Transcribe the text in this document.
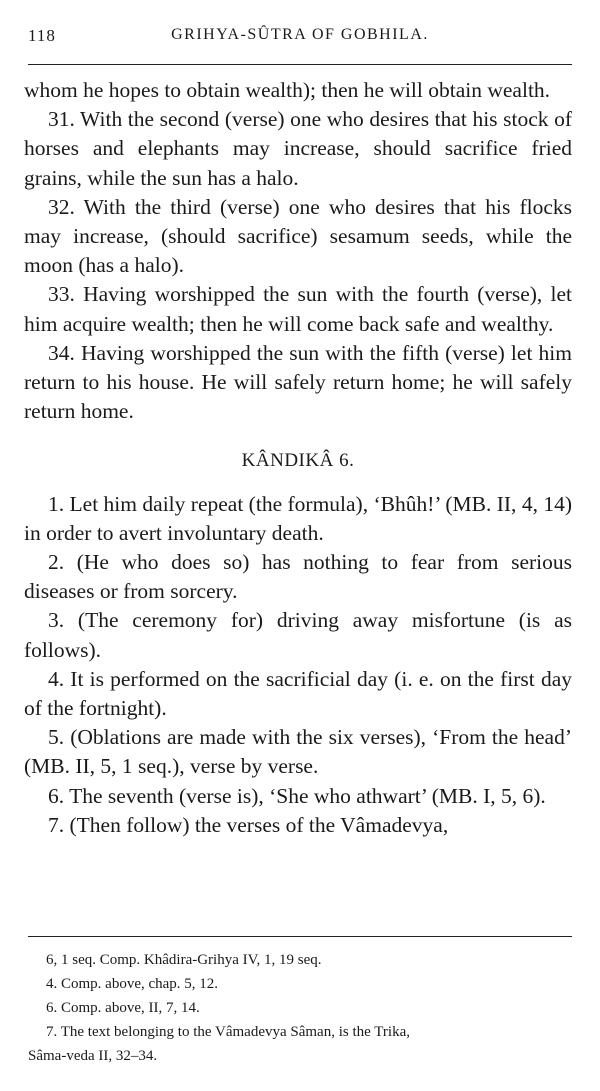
118	GRIHYA-SÛTRA OF GOBHILA.

whom he hopes to obtain wealth); then he will obtain wealth.

31. With the second (verse) one who desires that his stock of horses and elephants may increase, should sacrifice fried grains, while the sun has a halo.

32. With the third (verse) one who desires that his flocks may increase, (should sacrifice) sesamum seeds, while the moon (has a halo).

33. Having worshipped the sun with the fourth (verse), let him acquire wealth; then he will come back safe and wealthy.

34. Having worshipped the sun with the fifth (verse) let him return to his house. He will safely return home; he will safely return home.

KÂNDIKÂ 6.

1. Let him daily repeat (the formula), ‘Bhûh!’ (MB. II, 4, 14) in order to avert involuntary death.

2. (He who does so) has nothing to fear from serious diseases or from sorcery.

3. (The ceremony for) driving away misfortune (is as follows).

4. It is performed on the sacrificial day (i. e. on the first day of the fortnight).

5. (Oblations are made with the six verses), ‘From the head’ (MB. II, 5, 1 seq.), verse by verse.

6. The seventh (verse is), ‘She who athwart’ (MB. I, 5, 6).

7. (Then follow) the verses of the Vâmadevya,

6, 1 seq. Comp. Khâdira-Grihya IV, 1, 19 seq.

4. Comp. above, chap. 5, 12.

6. Comp. above, II, 7, 14.

7. The text belonging to the Vâmadevya Sâman, is the Trika,

Sâma-veda II, 32–34.
